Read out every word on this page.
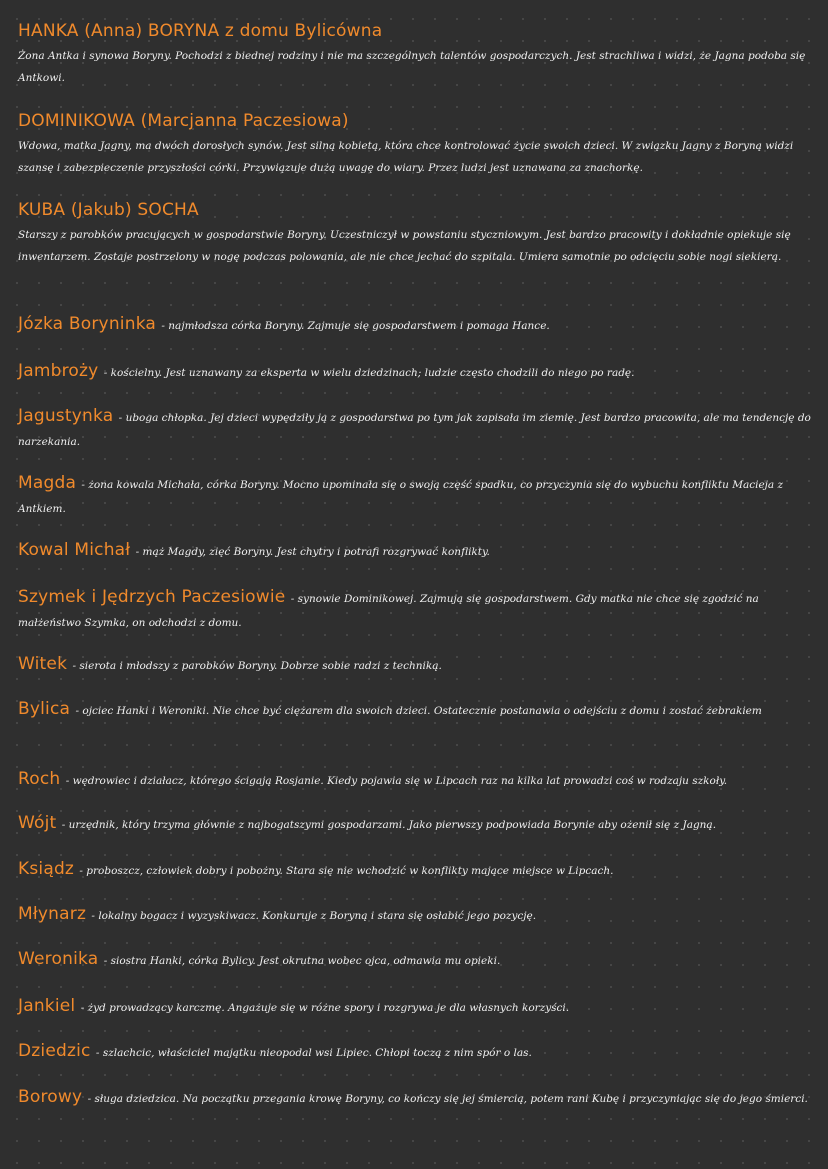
HANKA (Anna) BORYNA z domu Bylicówna
Żona Antka i synowa Boryny. Pochodzi z biednej rodziny i nie ma szczególnych talentów gospodarczych. Jest strachliwa i widzi, że Jagna podoba się Antkowi.
DOMINIKOWA (Marcjanna Paczesiowa)
Wdowa, matka Jagny, ma dwóch dorosłych synów. Jest silną kobietą, która chce kontrolować życie swoich dzieci. W związku Jagny z Boryną widzi szansę i zabezpieczenie przyszłości córki. Przywiązuje dużą uwagę do wiary. Przez ludzi jest uznawana za znachorkę.
KUBA (Jakub) SOCHA
Starszy z parobków pracujących w gospodarstwie Boryny. Uczestniczył w powstaniu styczniowym. Jest bardzo pracowity i dokładnie opiekuje się inwentarzem. Zostaje postrzelony w nogę podczas polowania, ale nie chce jechać do szpitala. Umiera samotnie po odcięciu sobie nogi siekierą.
Józka Boryninka - najmłodsza córka Boryny. Zajmuje się gospodarstwem i pomaga Hance.
Jambroży - kościelny. Jest uznawany za eksperta w wielu dziedzinach; ludzie często chodzili do niego po radę.
Jagustynka - uboga chłopka. Jej dzieci wypędziły ją z gospodarstwa po tym jak zapisała im ziemię. Jest bardzo pracowita, ale ma tendencję do narzekania.
Magda - żona kowala Michała, córka Boryny. Mocno upominała się o swoją część spadku, co przyczynia się do wybuchu konfliktu Macieja z Antkiem.
Kowal Michał - mąż Magdy, zięć Boryny. Jest chytry i potrafi rozgrywać konflikty.
Szymek i Jędrzych Paczesiowie - synowie Dominikowej. Zajmują się gospodarstwem. Gdy matka nie chce się zgodzić na małżeństwo Szymka, on odchodzi z domu.
Witek - sierota i młodszy z parobków Boryny. Dobrze sobie radzi z techniką.
Bylica - ojciec Hanki i Weroniki. Nie chce być ciężarem dla swoich dzieci. Ostatecznie postanawia o odejściu z domu i zostać żebrakiem
Roch - wędrowiec i działacz, którego ścigają Rosjanie. Kiedy pojawia się w Lipcach raz na kilka lat prowadzi coś w rodzaju szkoły.
Wójt - urzędnik, który trzyma głównie z najbogatszymi gospodarzami. Jako pierwszy podpowiada Borynie aby ożenił się z Jagną.
Ksiądz - proboszcz, człowiek dobry i pobożny. Stara się nie wchodzić w konflikty mające miejsce w Lipcach.
Młynarz - lokalny bogacz i wyzyskiwacz. Konkuruje z Boryną i stara się osłabić jego pozycję.
Weronika - siostra Hanki, córka Bylicy. Jest okrutna wobec ojca, odmawia mu opieki.
Jankiel - żyd prowadzący karczmę. Angażuje się w różne spory i rozgrywa je dla własnych korzyści.
Dziedzic - szlachcic, właściciel majątku nieopodal wsi Lipiec. Chłopi toczą z nim spór o las.
Borowy - sługa dziedzica. Na początku przegania krowę Boryny, co kończy się jej śmiercią, potem rani Kubę i przyczyniając się do jego śmierci.
